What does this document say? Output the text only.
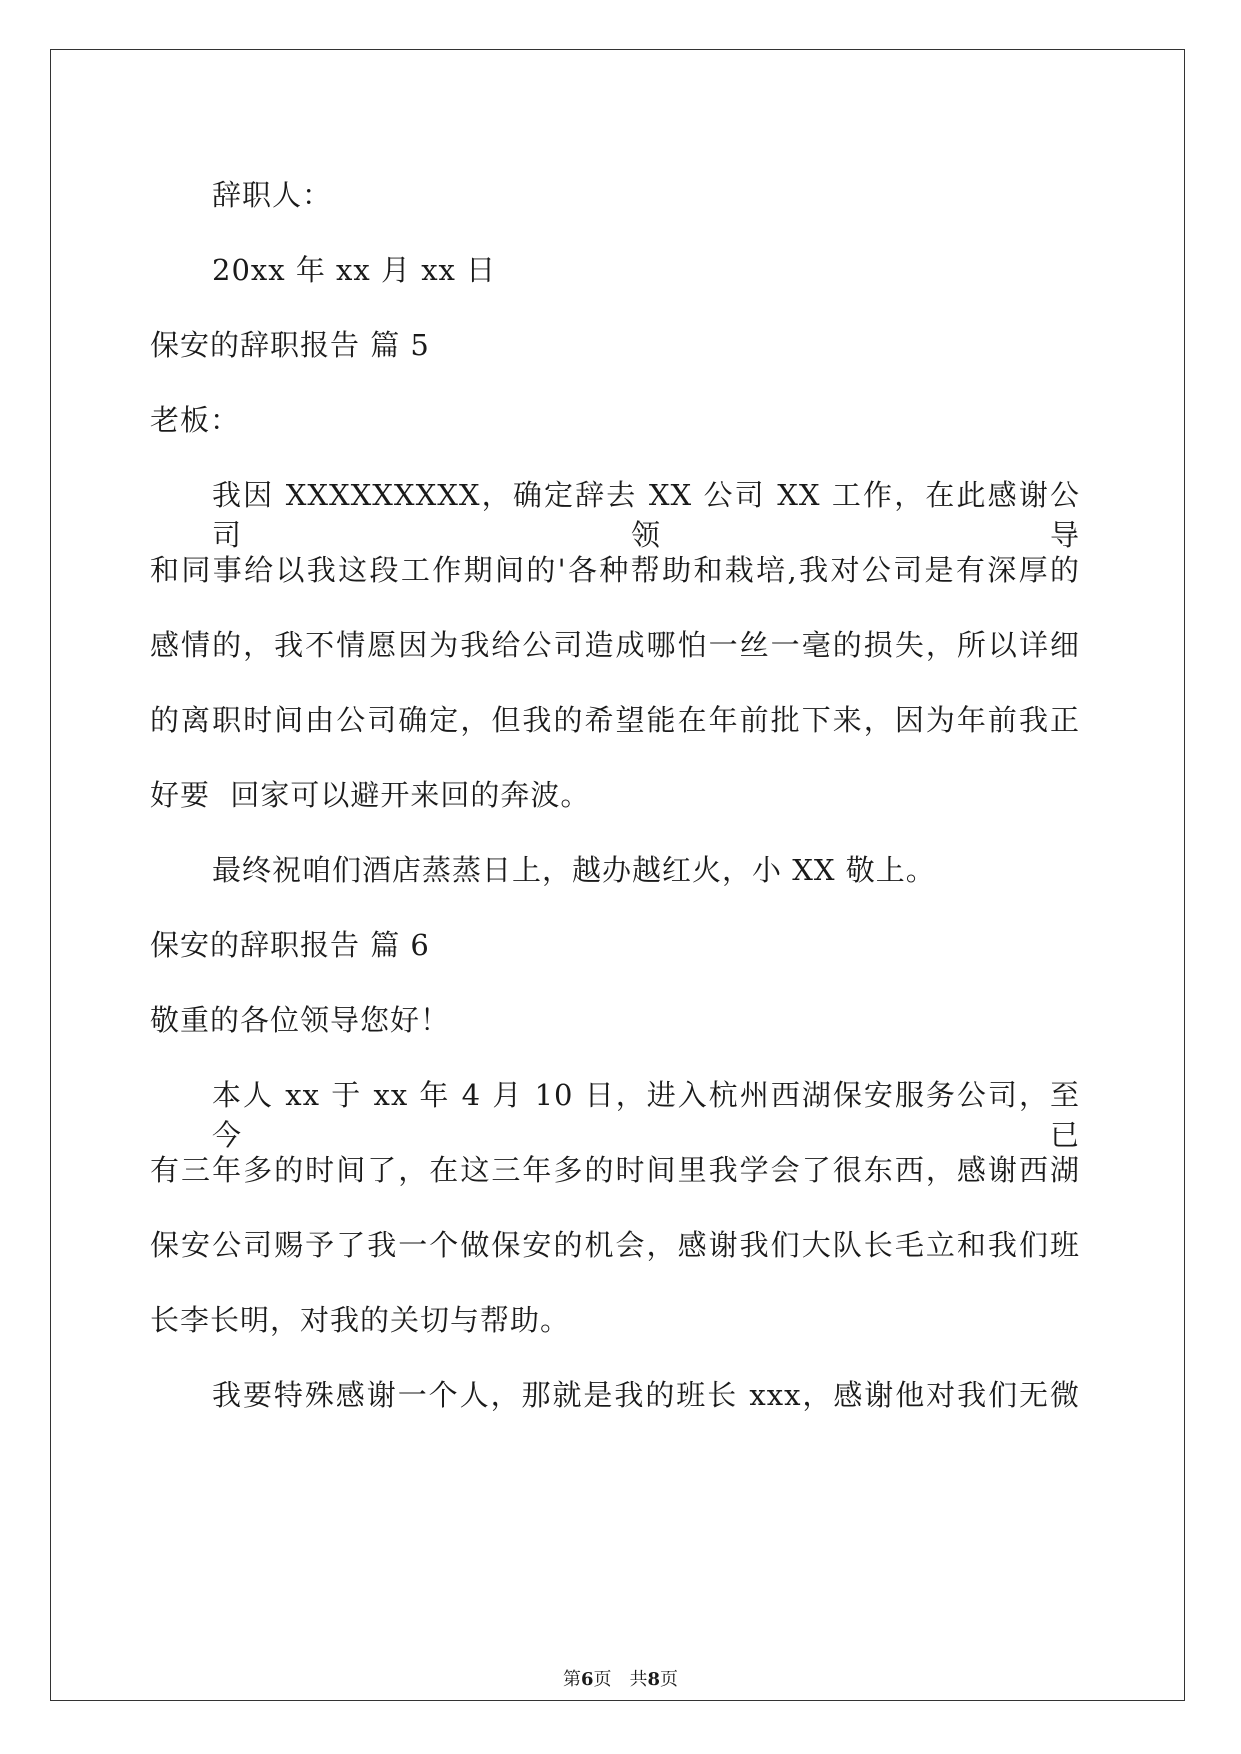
辞职人：
20xx 年 xx 月 xx 日
保安的辞职报告 篇 5
老板：
我因 XXXXXXXXX，确定辞去 XX 公司 XX 工作，在此感谢公司领导
和同事给以我这段工作期间的'各种帮助和栽培,我对公司是有深厚的
感情的，我不情愿因为我给公司造成哪怕一丝一毫的损失，所以详细
的离职时间由公司确定，但我的希望能在年前批下来，因为年前我正
好要  回家可以避开来回的奔波。
最终祝咱们酒店蒸蒸日上，越办越红火，小 XX 敬上。
保安的辞职报告 篇 6
敬重的各位领导您好！
本人 xx 于 xx 年 4 月 10 日，进入杭州西湖保安服务公司，至今已
有三年多的时间了，在这三年多的时间里我学会了很东西，感谢西湖
保安公司赐予了我一个做保安的机会，感谢我们大队长毛立和我们班
长李长明，对我的关切与帮助。
我要特殊感谢一个人，那就是我的班长 xxx，感谢他对我们无微
第6页　共8页
